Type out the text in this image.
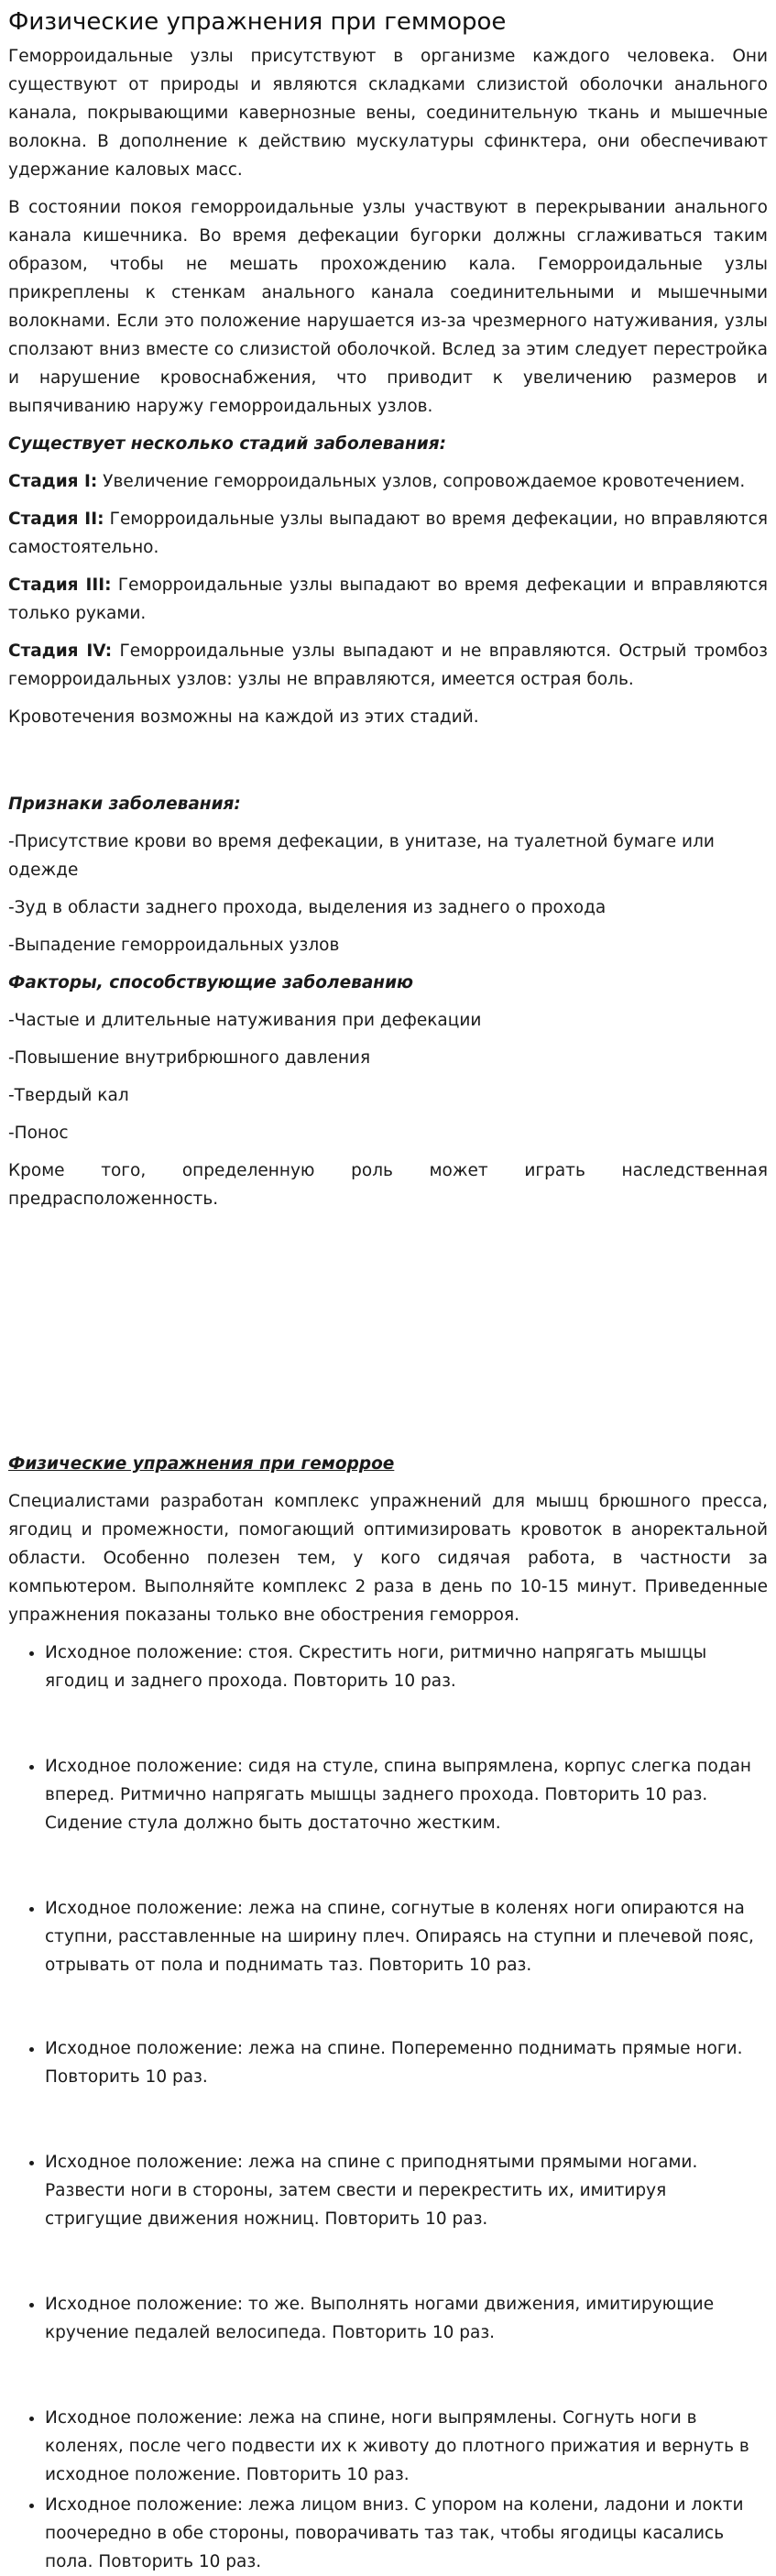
Физические упражнения при гемморое

Геморроидальные узлы присутствуют в организме каждого человека. Они существуют от природы и являются складками слизистой оболочки анального канала, покрывающими кавернозные вены, соединительную ткань и мышечные волокна. В дополнение к действию мускулатуры сфинктера, они обеспечивают удержание каловых масс.

В состоянии покоя геморроидальные узлы участвуют в перекрывании анального канала кишечника. Во время дефекации бугорки должны сглаживаться таким образом, чтобы не мешать прохождению кала. Геморроидальные узлы прикреплены к стенкам анального канала соединительными и мышечными волокнами. Если это положение нарушается из-за чрезмерного натуживания, узлы сползают вниз вместе со слизистой оболочкой. Вслед за этим следует перестройка и нарушение кровоснабжения, что приводит к увеличению размеров и выпячиванию наружу геморроидальных узлов.

Существует несколько стадий заболевания:

Стадия I: Увеличение геморроидальных узлов, сопровождаемое кровотечением.

Стадия II: Геморроидальные узлы выпадают во время дефекации, но вправляются самостоятельно.

Стадия III: Геморроидальные узлы выпадают во время дефекации и вправляются только руками.

Стадия IV: Геморроидальные узлы выпадают и не вправляются. Острый тромбоз геморроидальных узлов: узлы не вправляются, имеется острая боль.

Кровотечения возможны на каждой из этих стадий.

Признаки заболевания:

-Присутствие крови во время дефекации, в унитазе, на туалетной бумаге или одежде

-Зуд в области заднего прохода, выделения из заднего о прохода

-Выпадение геморроидальных узлов

Факторы, способствующие заболеванию

-Частые и длительные натуживания при дефекации

-Повышение внутрибрюшного давления

-Твердый кал

-Понос

Кроме того, определенную роль может играть наследственная предрасположенность.

Физические упражнения при геморрое

Специалистами разработан комплекс упражнений для мышц брюшного пресса, ягодиц и промежности, помогающий оптимизировать кровоток в аноректальной области. Особенно полезен тем, у кого сидячая работа, в частности за компьютером. Выполняйте комплекс 2 раза в день по 10-15 минут. Приведенные упражнения показаны только вне обострения геморроя.

• Исходное положение: стоя. Скрестить ноги, ритмично напрягать мышцы ягодиц и заднего прохода. Повторить 10 раз.
• Исходное положение: сидя на стуле, спина выпрямлена, корпус слегка подан вперед. Ритмично напрягать мышцы заднего прохода. Повторить 10 раз. Сидение стула должно быть достаточно жестким.
• Исходное положение: лежа на спине, согнутые в коленях ноги опираются на ступни, расставленные на ширину плеч. Опираясь на ступни и плечевой пояс, отрывать от пола и поднимать таз. Повторить 10 раз.
• Исходное положение: лежа на спине. Попеременно поднимать прямые ноги. Повторить 10 раз.
• Исходное положение: лежа на спине с приподнятыми прямыми ногами. Развести ноги в стороны, затем свести и перекрестить их, имитируя стригущие движения ножниц. Повторить 10 раз.
• Исходное положение: то же. Выполнять ногами движения, имитирующие кручение педалей велосипеда. Повторить 10 раз.
• Исходное положение: лежа на спине, ноги выпрямлены. Согнуть ноги в коленях, после чего подвести их к животу до плотного прижатия и вернуть в исходное положение. Повторить 10 раз.
• Исходное положение: лежа лицом вниз. С упором на колени, ладони и локти поочередно в обе стороны, поворачивать таз так, чтобы ягодицы касались пола. Повторить 10 раз.
